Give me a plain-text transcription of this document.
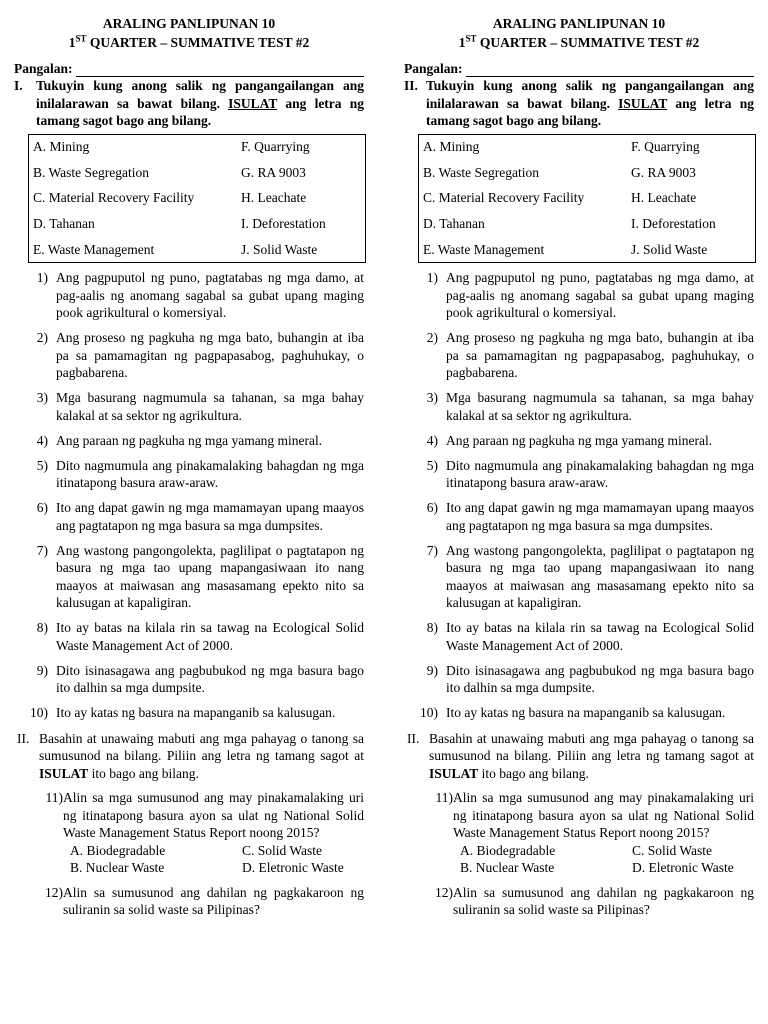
ARALING PANLIPUNAN 10
1ST QUARTER – SUMMATIVE TEST #2
Pangalan:
I. Tukuyin kung anong salik ng pangangailangan ang inilalarawan sa bawat bilang. ISULAT ang letra ng tamang sagot bago ang bilang.
A. Mining	F. Quarrying
B. Waste Segregation	G. RA 9003
C. Material Recovery Facility	H. Leachate
D. Tahanan	I. Deforestation
E. Waste Management	J. Solid Waste
1) Ang pagpuputol ng puno, pagtatabas ng mga damo, at pag-aalis ng anomang sagabal sa gubat upang maging pook agrikultural o komersiyal.
2) Ang proseso ng pagkuha ng mga bato, buhangin at iba pa sa pamamagitan ng pagpapasabog, paghuhukay, o pagbabarena.
3) Mga basurang nagmumula sa tahanan, sa mga bahay kalakal at sa sektor ng agrikultura.
4) Ang paraan ng pagkuha ng mga yamang mineral.
5) Dito nagmumula ang pinakamalaking bahagdan ng mga itinatapong basura araw-araw.
6) Ito ang dapat gawin ng mga mamamayan upang maayos ang pagtatapon ng mga basura sa mga dumpsites.
7) Ang wastong pangongolekta, paglilipat o pagtatapon ng basura ng mga tao upang mapangasiwaan ito nang maayos at maiwasan ang masasamang epekto nito sa kalusugan at kapaligiran.
8) Ito ay batas na kilala rin sa tawag na Ecological Solid Waste Management Act of 2000.
9) Dito isinasagawa ang pagbubukod ng mga basura bago ito dalhin sa mga dumpsite.
10) Ito ay katas ng basura na mapanganib sa kalusugan.
II. Basahin at unawaing mabuti ang mga pahayag o tanong sa sumusunod na bilang. Piliin ang letra ng tamang sagot at ISULAT ito bago ang bilang.
11) Alin sa mga sumusunod ang may pinakamalaking uri ng itinatapong basura ayon sa ulat ng National Solid Waste Management Status Report noong 2015?
A. Biodegradable	C. Solid Waste
B. Nuclear Waste	D. Eletronic Waste
12) Alin sa sumusunod ang dahilan ng pagkakaroon ng suliranin sa solid waste sa Pilipinas?
ARALING PANLIPUNAN 10
1ST QUARTER – SUMMATIVE TEST #2
Pangalan:
II. Tukuyin kung anong salik ng pangangailangan ang inilalarawan sa bawat bilang. ISULAT ang letra ng tamang sagot bago ang bilang.
A. Mining	F. Quarrying
B. Waste Segregation	G. RA 9003
C. Material Recovery Facility	H. Leachate
D. Tahanan	I. Deforestation
E. Waste Management	J. Solid Waste
1) Ang pagpuputol ng puno, pagtatabas ng mga damo, at pag-aalis ng anomang sagabal sa gubat upang maging pook agrikultural o komersiyal.
2) Ang proseso ng pagkuha ng mga bato, buhangin at iba pa sa pamamagitan ng pagpapasabog, paghuhukay, o pagbabarena.
3) Mga basurang nagmumula sa tahanan, sa mga bahay kalakal at sa sektor ng agrikultura.
4) Ang paraan ng pagkuha ng mga yamang mineral.
5) Dito nagmumula ang pinakamalaking bahagdan ng mga itinatapong basura araw-araw.
6) Ito ang dapat gawin ng mga mamamayan upang maayos ang pagtatapon ng mga basura sa mga dumpsites.
7) Ang wastong pangongolekta, paglilipat o pagtatapon ng basura ng mga tao upang mapangasiwaan ito nang maayos at maiwasan ang masasamang epekto nito sa kalusugan at kapaligiran.
8) Ito ay batas na kilala rin sa tawag na Ecological Solid Waste Management Act of 2000.
9) Dito isinasagawa ang pagbubukod ng mga basura bago ito dalhin sa mga dumpsite.
10) Ito ay katas ng basura na mapanganib sa kalusugan.
II. Basahin at unawaing mabuti ang mga pahayag o tanong sa sumusunod na bilang. Piliin ang letra ng tamang sagot at ISULAT ito bago ang bilang.
11) Alin sa mga sumusunod ang may pinakamalaking uri ng itinatapong basura ayon sa ulat ng National Solid Waste Management Status Report noong 2015?
A. Biodegradable	C. Solid Waste
B. Nuclear Waste	D. Eletronic Waste
12) Alin sa sumusunod ang dahilan ng pagkakaroon ng suliranin sa solid waste sa Pilipinas?
